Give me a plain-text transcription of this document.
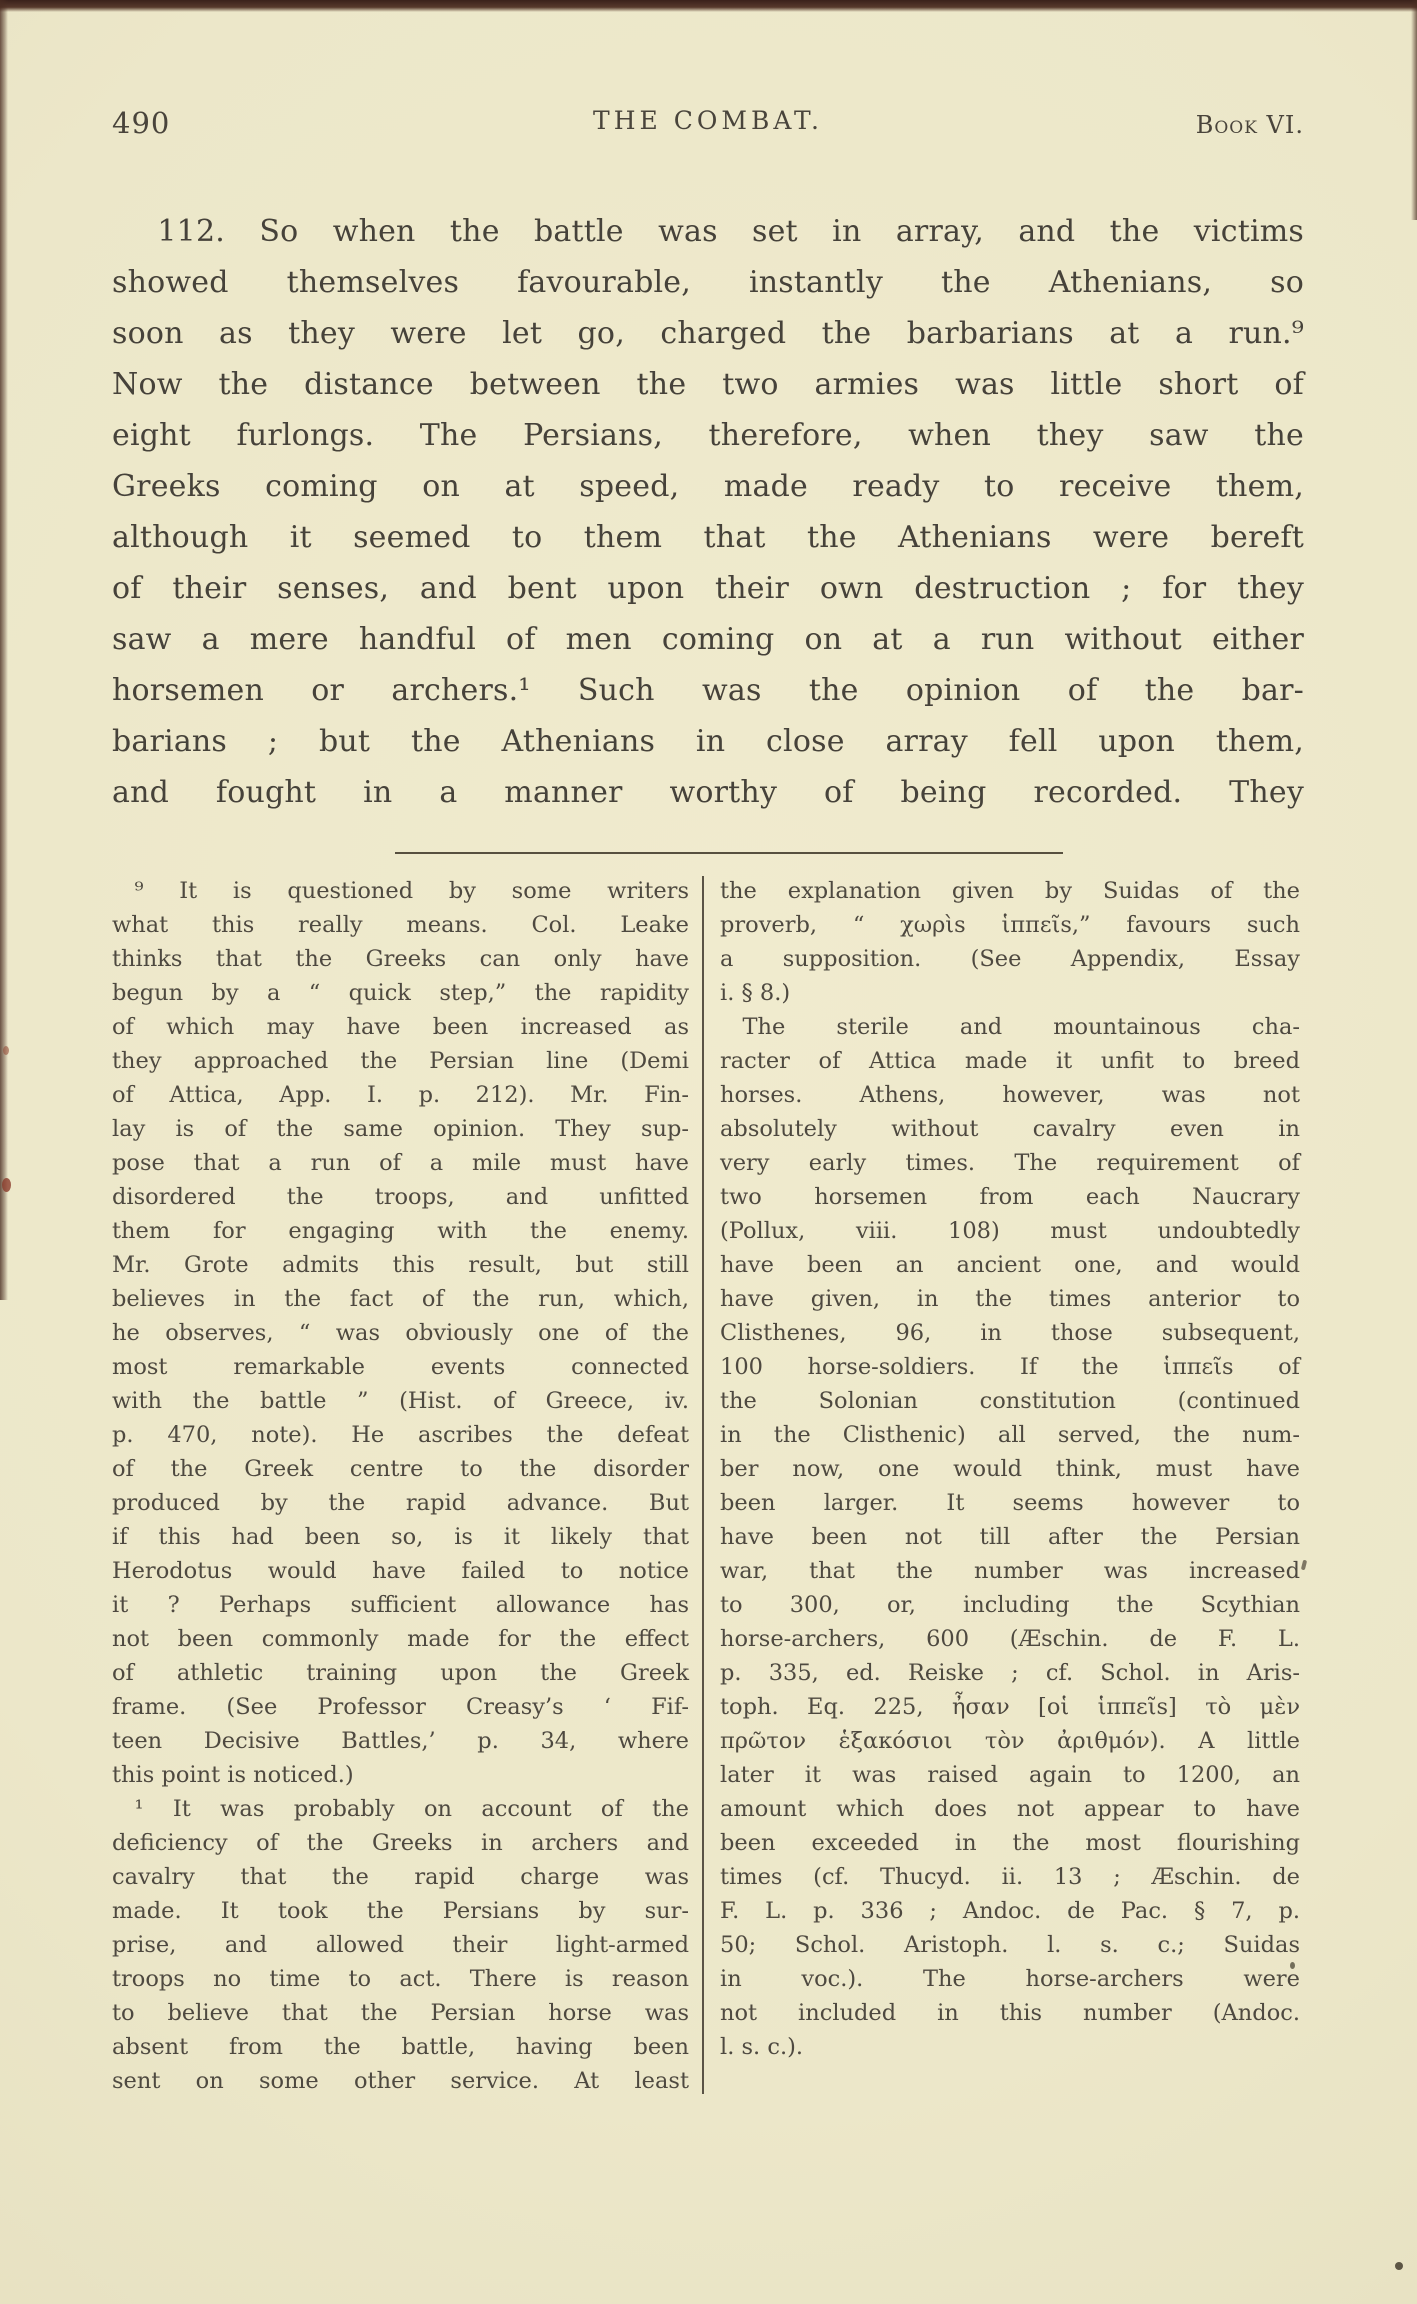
490	THE COMBAT.	Book VI.
  112. So when the battle was set in array, and the victims
showed themselves favourable, instantly the Athenians, so
soon as they were let go, charged the barbarians at a run.⁹
Now the distance between the two armies was little short of
eight furlongs. The Persians, therefore, when they saw the
Greeks coming on at speed, made ready to receive them,
although it seemed to them that the Athenians were bereft
of their senses, and bent upon their own destruction ; for they
saw a mere handful of men coming on at a run without either
horsemen or archers.¹ Such was the opinion of the bar-
barians ; but the Athenians in close array fell upon them,
and fought in a manner worthy of being recorded. They
 ⁹ It is questioned by some writers
what this really means. Col. Leake
thinks that the Greeks can only have
begun by a “ quick step,” the rapidity
of which may have been increased as
they approached the Persian line (Demi
of Attica, App. I. p. 212). Mr. Fin-
lay is of the same opinion. They sup-
pose that a run of a mile must have
disordered the troops, and unfitted
them for engaging with the enemy.
Mr. Grote admits this result, but still
believes in the fact of the run, which,
he observes, “ was obviously one of the
most remarkable events connected
with the battle ” (Hist. of Greece, iv.
p. 470, note). He ascribes the defeat
of the Greek centre to the disorder
produced by the rapid advance. But
if this had been so, is it likely that
Herodotus would have failed to notice
it ? Perhaps sufficient allowance has
not been commonly made for the effect
of athletic training upon the Greek
frame. (See Professor Creasy’s ‘ Fif-
teen Decisive Battles,’ p. 34, where
this point is noticed.)
 ¹ It was probably on account of the
deficiency of the Greeks in archers and
cavalry that the rapid charge was
made. It took the Persians by sur-
prise, and allowed their light-armed
troops no time to act. There is reason
to believe that the Persian horse was
absent from the battle, having been
sent on some other service. At least
the explanation given by Suidas of the
proverb, “ χωρὶs ἱππεῖs,” favours such
a supposition. (See Appendix, Essay
i. § 8.)
 The sterile and mountainous cha-
racter of Attica made it unfit to breed
horses. Athens, however, was not
absolutely without cavalry even in
very early times. The requirement of
two horsemen from each Naucrary
(Pollux, viii. 108) must undoubtedly
have been an ancient one, and would
have given, in the times anterior to
Clisthenes, 96, in those subsequent,
100 horse-soldiers. If the ἱππεῖs of
the Solonian constitution (continued
in the Clisthenic) all served, the num-
ber now, one would think, must have
been larger. It seems however to
have been not till after the Persian
war, that the number was increased
to 300, or, including the Scythian
horse-archers, 600 (Æschin. de F. L.
p. 335, ed. Reiske ; cf. Schol. in Aris-
toph. Eq. 225, ἦσαν [οἱ ἱππεῖs] τὸ μὲν
πρῶτον ἑξακόσιοι τὸν ἀριθμόν). A little
later it was raised again to 1200, an
amount which does not appear to have
been exceeded in the most flourishing
times (cf. Thucyd. ii. 13 ; Æschin. de
F. L. p. 336 ; Andoc. de Pac. § 7, p.
50; Schol. Aristoph. l. s. c.; Suidas
in voc.). The horse-archers were
not included in this number (Andoc.
l. s. c.).
